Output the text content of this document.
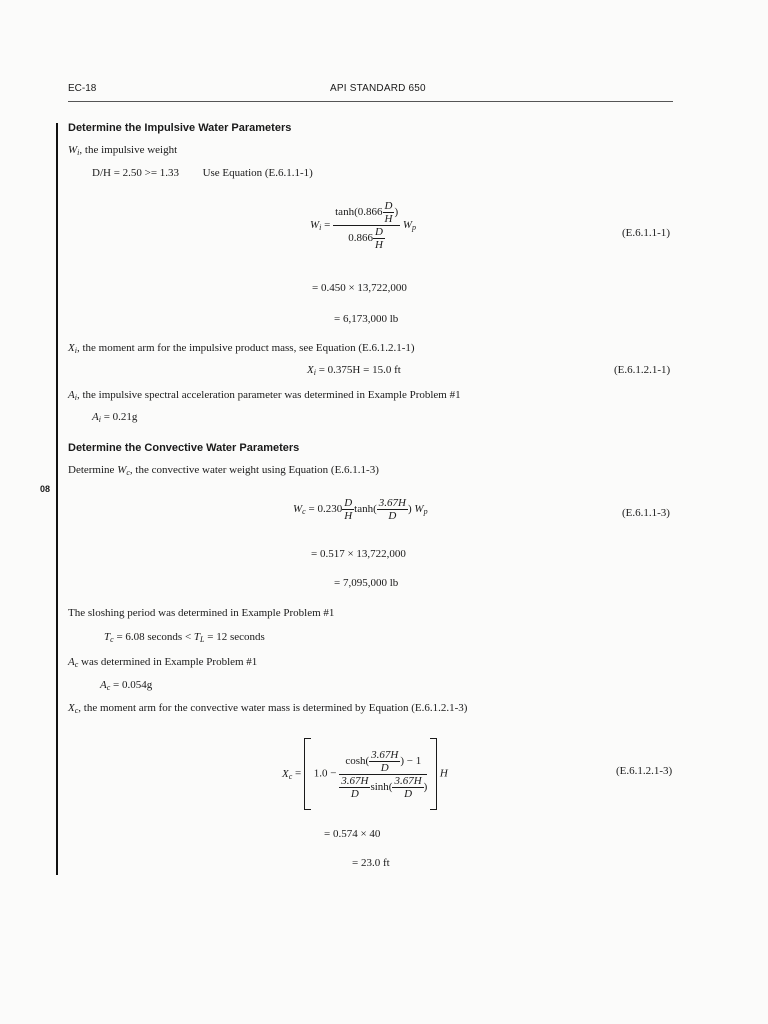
EC-18	API STANDARD 650
08
Determine the Impulsive Water Parameters
$W_i$, the impulsive weight
D/H = 2.50 >= 1.33 Use Equation (E.6.1.1-1)
$W_i = \frac{\tanh(0.866 \frac{D}{H} )}{0.866 \frac{D}{H}} W_p$	(E.6.1.1-1)
= 0.450 × 13,722,000
= 6,173,000 lb
$X_i$, the moment arm for the impulsive product mass, see Equation (E.6.1.2.1-1)
$X_i = 0.375H = 15.0$ ft	(E.6.1.2.1-1)
$A_i$, the impulsive spectral acceleration parameter was determined in Example Problem #1
$A_i = 0.21g$
Determine the Convective Water Parameters
Determine $W_c$, the convective water weight using Equation (E.6.1.1-3)
$W_c = 0.230 \frac{D}{H} \tanh( \frac{3.67H}{D}$ ) $W_p$	(E.6.1.1-3)
= 0.517 × 13,722,000
= 7,095,000 lb
The sloshing period was determined in Example Problem #1
$T_c = 6.08$ seconds < $T_L = 12$ seconds
$A_c$ was determined in Example Problem #1
$A_c = 0.054g$
$X_c$, the moment arm for the convective water mass is determined by Equation (E.6.1.2.1-3)
$X_c = 1.0 - \frac{\cosh( \frac{3.67H}{D} ) - 1}{\frac{3.67H}{D} \sinh( \frac{3.67H}{D} )}$ H	(E.6.1.2.1-3)
= 0.574 × 40
= 23.0 ft
